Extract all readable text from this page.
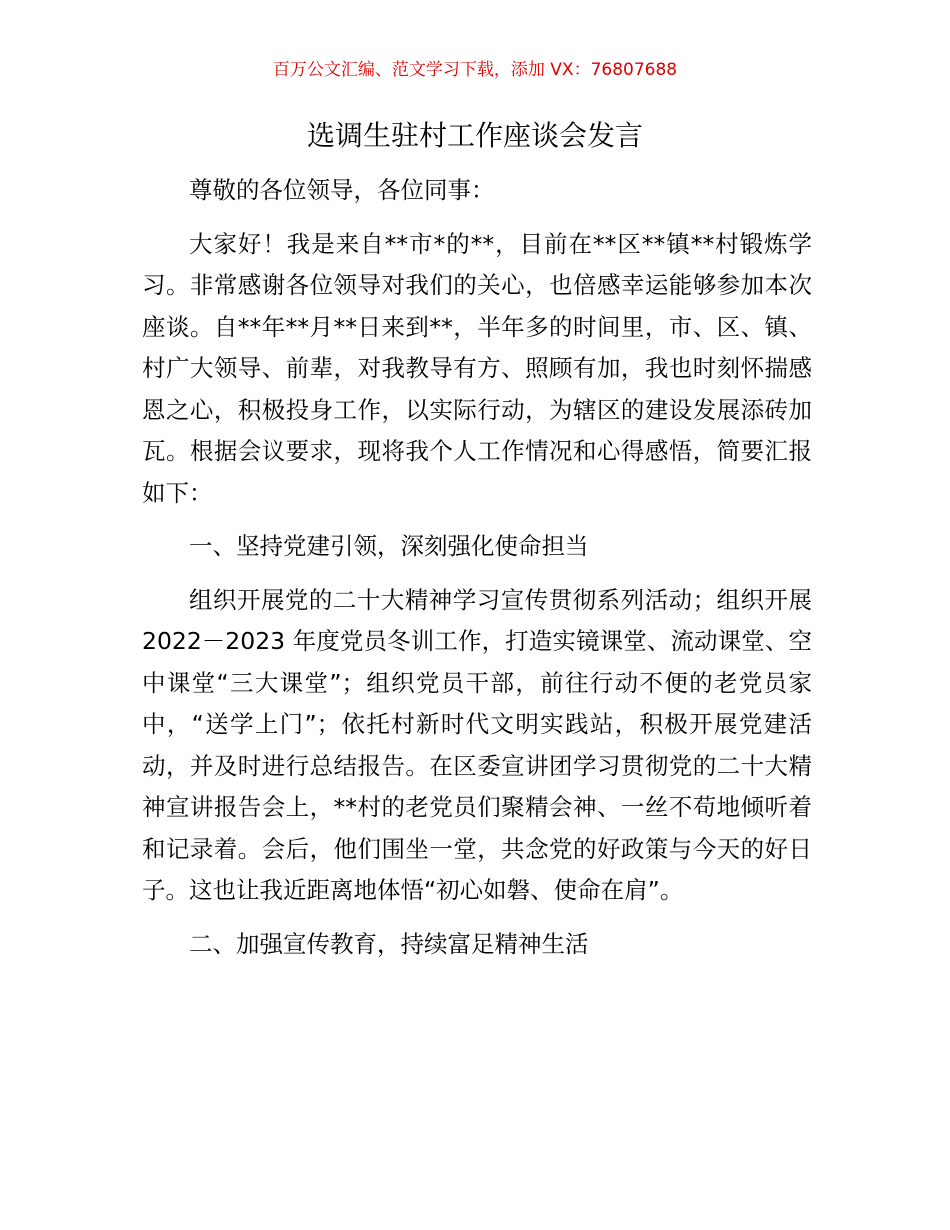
百万公文汇编、范文学习下载，添加 VX：76807688
选调生驻村工作座谈会发言

尊敬的各位领导，各位同事：

大家好！我是来自**市*的**，目前在**区**镇**村锻炼学习。非常感谢各位领导对我们的关心，也倍感幸运能够参加本次座谈。自**年**月**日来到**，半年多的时间里，市、区、镇、村广大领导、前辈，对我教导有方、照顾有加，我也时刻怀揣感恩之心，积极投身工作，以实际行动，为辖区的建设发展添砖加瓦。根据会议要求，现将我个人工作情况和心得感悟，简要汇报如下：

一、坚持党建引领，深刻强化使命担当

组织开展党的二十大精神学习宣传贯彻系列活动；组织开展 2022－2023 年度党员冬训工作，打造实镜课堂、流动课堂、空中课堂“三大课堂”；组织党员干部，前往行动不便的老党员家中，“送学上门”；依托村新时代文明实践站，积极开展党建活动，并及时进行总结报告。在区委宣讲团学习贯彻党的二十大精神宣讲报告会上，**村的老党员们聚精会神、一丝不苟地倾听着和记录着。会后，他们围坐一堂，共念党的好政策与今天的好日子。这也让我近距离地体悟“初心如磐、使命在肩”。

二、加强宣传教育，持续富足精神生活
